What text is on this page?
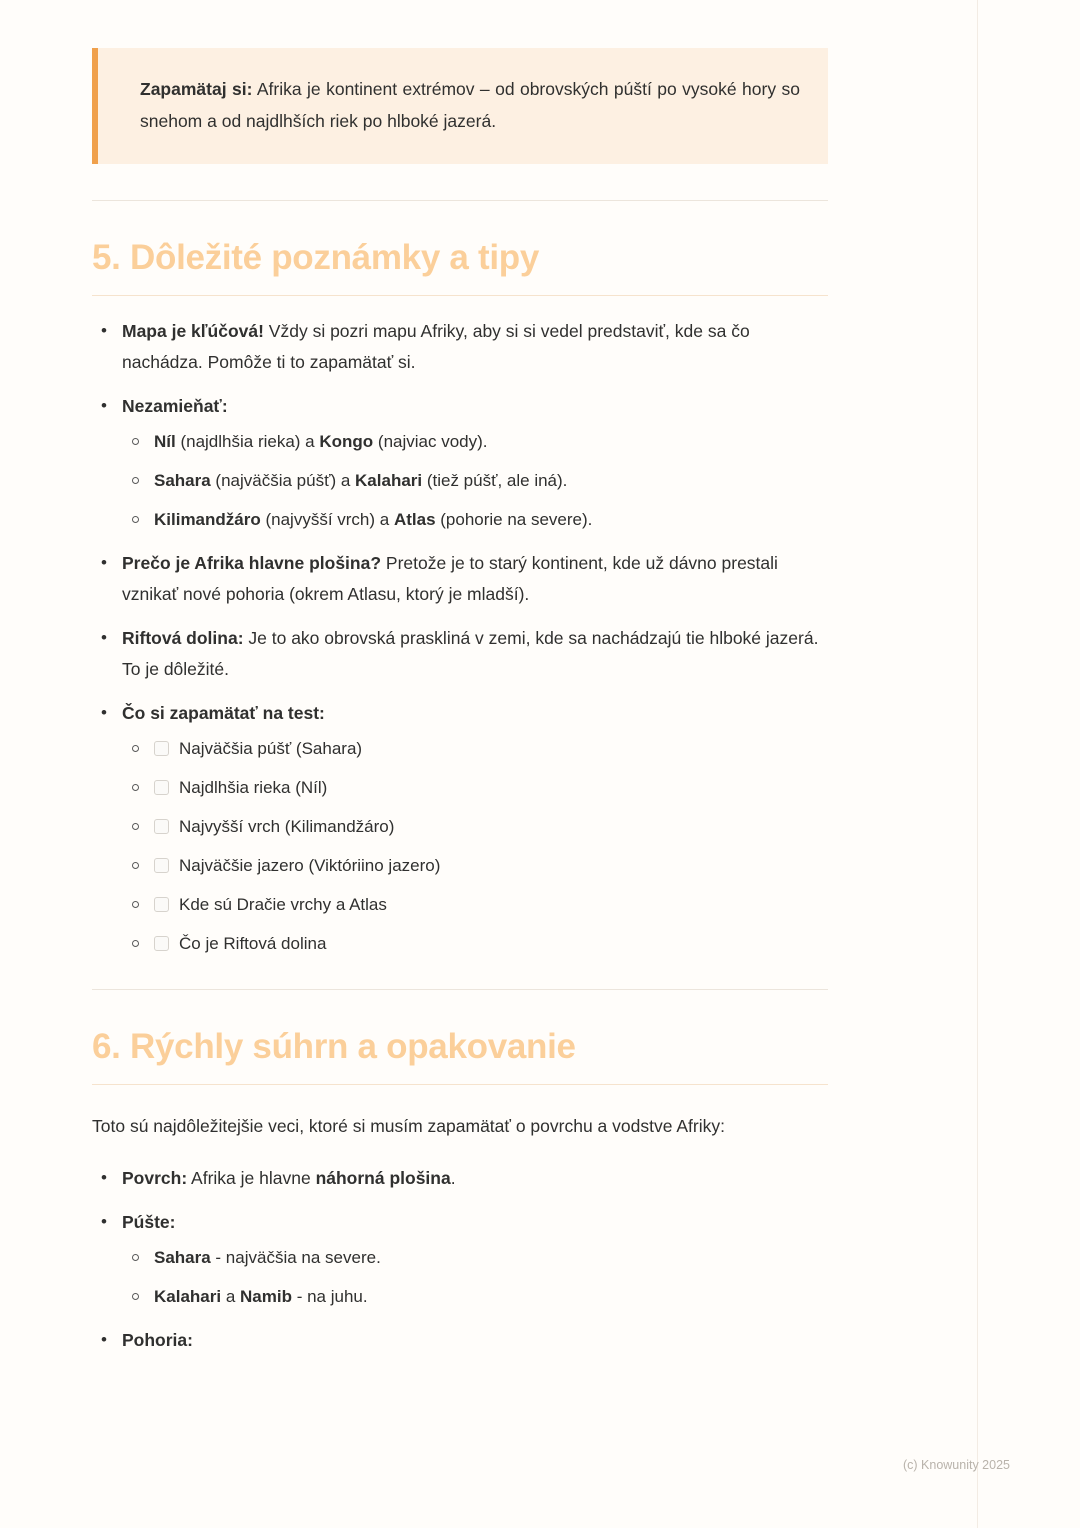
Zapamätaj si: Afrika je kontinent extrémov – od obrovských púští po vysoké hory so snehom a od najdlhších riek po hlboké jazerá.

5. Dôležité poznámky a tipy
• Mapa je kľúčová! Vždy si pozri mapu Afriky, aby si si vedel predstaviť, kde sa čo nachádza. Pomôže ti to zapamätať si.
• Nezamieňať:
Níl (najdlhšia rieka) a Kongo (najviac vody).
Sahara (najväčšia púšť) a Kalahari (tiež púšť, ale iná).
Kilimandžáro (najvyšší vrch) a Atlas (pohorie na severe).
• Prečo je Afrika hlavne plošina? Pretože je to starý kontinent, kde už dávno prestali vznikať nové pohoria (okrem Atlasu, ktorý je mladší).
• Riftová dolina: Je to ako obrovská praskliná v zemi, kde sa nachádzajú tie hlboké jazerá. To je dôležité.
• Čo si zapamätať na test:
Najväčšia púšť (Sahara)
Najdlhšia rieka (Níl)
Najvyšší vrch (Kilimandžáro)
Najväčšie jazero (Viktóriino jazero)
Kde sú Dračie vrchy a Atlas
Čo je Riftová dolina
6. Rýchly súhrn a opakovanie

Toto sú najdôležitejšie veci, ktoré si musím zapamätať o povrchu a vodstve Afriky:

• Povrch: Afrika je hlavne náhorná plošina.
• Púšte:
Sahara - najväčšia na severe.
Kalahari a Namib - na juhu.
• Pohoria:
(c) Knowunity 2025
